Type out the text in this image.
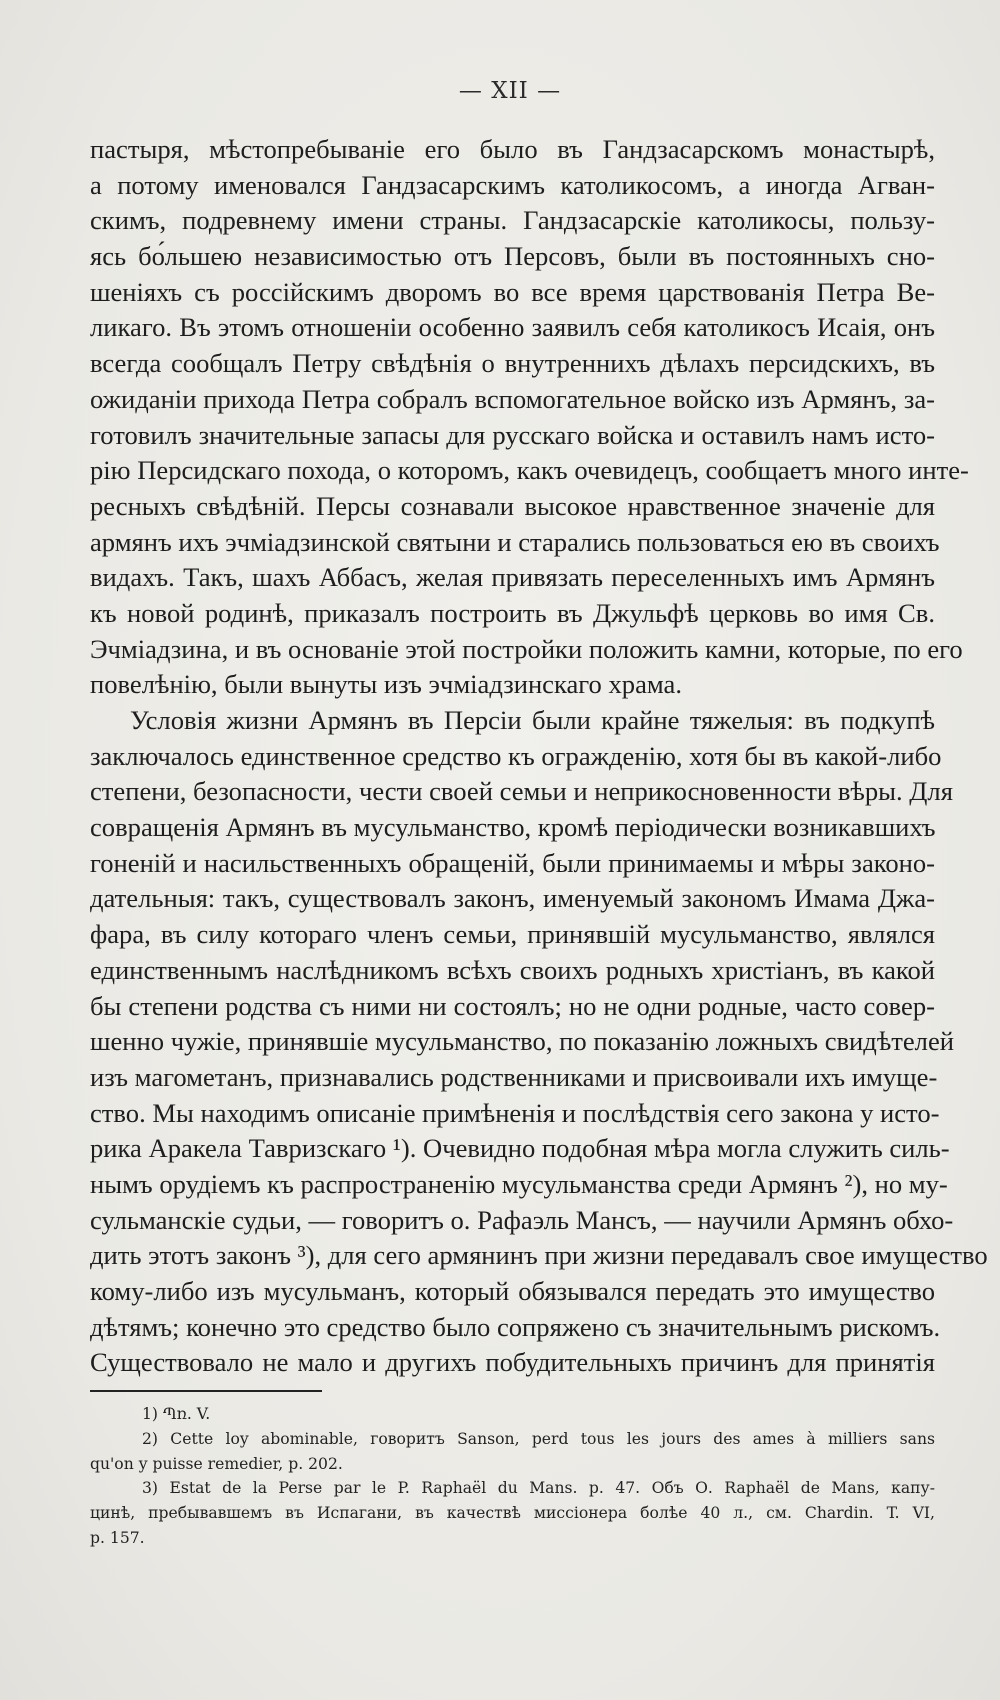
— XII —
пастыря, мѣстопребываніе его было въ Гандзасарскомъ монастырѣ,
а потому именовался Гандзасарскимъ католикосомъ, а иногда Агван-
скимъ, подревнему имени страны. Гандзасарскіе католикосы, пользу-
ясь бо́льшею независимостью отъ Персовъ, были въ постоянныхъ сно-
шеніяхъ съ россійскимъ дворомъ во все время царствованія Петра Ве-
ликаго. Въ этомъ отношеніи особенно заявилъ себя католикосъ Исаія, онъ
всегда сообщалъ Петру свѣдѣнія о внутреннихъ дѣлахъ персидскихъ, въ
ожиданіи прихода Петра собралъ вспомогательное войско изъ Армянъ, за-
готовилъ значительные запасы для русскаго войска и оставилъ намъ исто-
рію Персидскаго похода, о которомъ, какъ очевидецъ, сообщаетъ много инте-
ресныхъ свѣдѣній. Персы сознавали высокое нравственное значеніе для
армянъ ихъ эчміадзинской святыни и старались пользоваться ею въ своихъ
видахъ. Такъ, шахъ Аббасъ, желая привязать переселенныхъ имъ Армянъ
къ новой родинѣ, приказалъ построить въ Джульфѣ церковь во имя Св.
Эчміадзина, и въ основаніе этой постройки положить камни, которые, по его
повелѣнію, были вынуты изъ эчміадзинскаго храма.
Условія жизни Армянъ въ Персіи были крайне тяжелыя: въ подкупѣ
заключалось единственное средство къ огражденію, хотя бы въ какой-либо
степени, безопасности, чести своей семьи и неприкосновенности вѣры. Для
совращенія Армянъ въ мусульманство, кромѣ періодически возникавшихъ
гоненій и насильственныхъ обращеній, были принимаемы и мѣры законо-
дательныя: такъ, существовалъ законъ, именуемый закономъ Имама Джа-
фара, въ силу котораго членъ семьи, принявшій мусульманство, являлся
единственнымъ наслѣдникомъ всѣхъ своихъ родныхъ христіанъ, въ какой
бы степени родства съ ними ни состоялъ; но не одни родные, часто совер-
шенно чужіе, принявшіе мусульманство, по показанію ложныхъ свидѣтелей
изъ магометанъ, признавались родственниками и присвоивали ихъ имуще-
ство. Мы находимъ описаніе примѣненія и послѣдствія сего закона у исто-
рика Аракела Тавризскаго ¹). Очевидно подобная мѣра могла служить силь-
нымъ орудіемъ къ распространенію мусульманства среди Армянъ ²), но му-
сульманскіе судьи, — говоритъ о. Рафаэль Мансъ, — научили Армянъ обхо-
дить этотъ законъ ³), для сего армянинъ при жизни передавалъ свое имущество
кому-либо изъ мусульманъ, который обязывался передать это имущество
дѣтямъ; конечно это средство было сопряжено съ значительнымъ рискомъ.
Существовало не мало и другихъ побудительныхъ причинъ для принятія
1) Պռ. V.
2) Cette loy abominable, говоритъ Sanson, perd tous les jours des ames à milliers sans
qu'on y puisse remedier, p. 202.
3) Estat de la Perse par le P. Raphaël du Mans. p. 47. Объ О. Raphaël de Mans, капу-
цинѣ, пребывавшемъ въ Испагани, въ качествѣ миссіонера болѣе 40 л., см. Chardin. T. VI,
p. 157.
